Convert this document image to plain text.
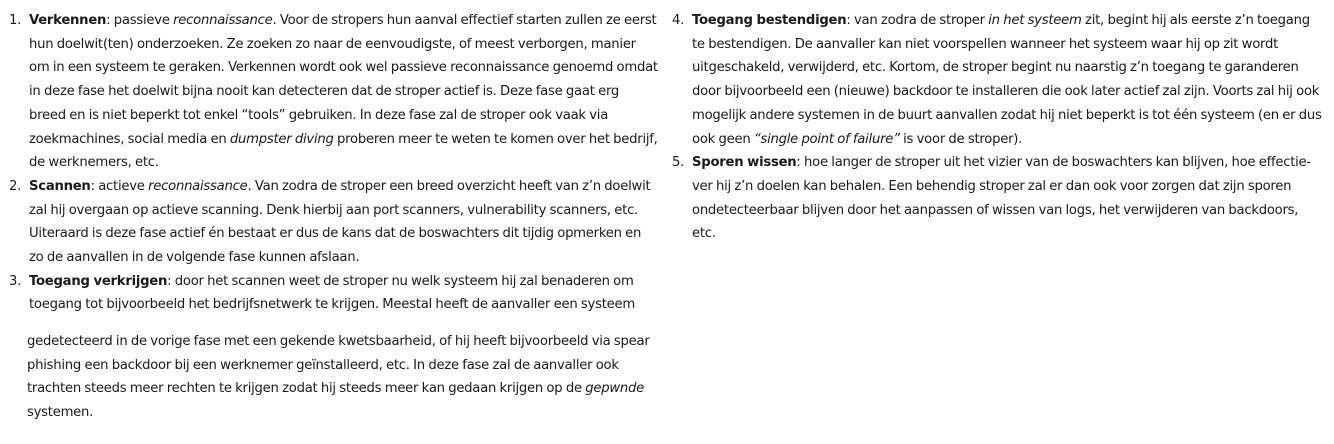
1. Verkennen: passieve reconnaissance. Voor de stropers hun aanval effectief starten zullen ze eerst hun doelwit(ten) onderzoeken. Ze zoeken zo naar de eenvoudigste, of meest verborgen, manier om in een systeem te geraken. Verkennen wordt ook wel passieve reconnaissance genoemd omdat in deze fase het doelwit bijna nooit kan detecteren dat de stroper actief is. Deze fase gaat erg breed en is niet beperkt tot enkel “tools” gebruiken. In deze fase zal de stroper ook vaak via zoekmachines, social media en dumpster diving proberen meer te weten te komen over het bedrijf, de werknemers, etc.
2. Scannen: actieve reconnaissance. Van zodra de stroper een breed overzicht heeft van z’n doelwit zal hij overgaan op actieve scanning. Denk hierbij aan port scanners, vulnerability scanners, etc. Uiteraard is deze fase actief én bestaat er dus de kans dat de boswachters dit tijdig opmerken en zo de aanvallen in de volgende fase kunnen afslaan.
3. Toegang verkrijgen: door het scannen weet de stroper nu welk systeem hij zal benaderen om toegang tot bijvoorbeeld het bedrijfsnetwerk te krijgen. Meestal heeft de aanvaller een systeem
gedetecteerd in de vorige fase met een gekende kwetsbaarheid, of hij heeft bijvoorbeeld via spear phishing een backdoor bij een werknemer geïnstalleerd, etc. In deze fase zal de aanvaller ook trachten steeds meer rechten te krijgen zodat hij steeds meer kan gedaan krijgen op de gepwnde systemen.
4. Toegang bestendigen: van zodra de stroper in het systeem zit, begint hij als eerste z’n toegang te bestendigen. De aanvaller kan niet voorspellen wanneer het systeem waar hij op zit wordt uitgeschakeld, verwijderd, etc. Kortom, de stroper begint nu naarstig z’n toegang te garanderen door bijvoorbeeld een (nieuwe) backdoor te installeren die ook later actief zal zijn. Voorts zal hij ook mogelijk andere systemen in de buurt aanvallen zodat hij niet beperkt is tot één systeem (en er dus ook geen “single point of failure” is voor de stroper).
5. Sporen wissen: hoe langer de stroper uit het vizier van de boswachters kan blijven, hoe effectie-ver hij z’n doelen kan behalen. Een behendig stroper zal er dan ook voor zorgen dat zijn sporen ondetecteerbaar blijven door het aanpassen of wissen van logs, het verwijderen van backdoors, etc.
